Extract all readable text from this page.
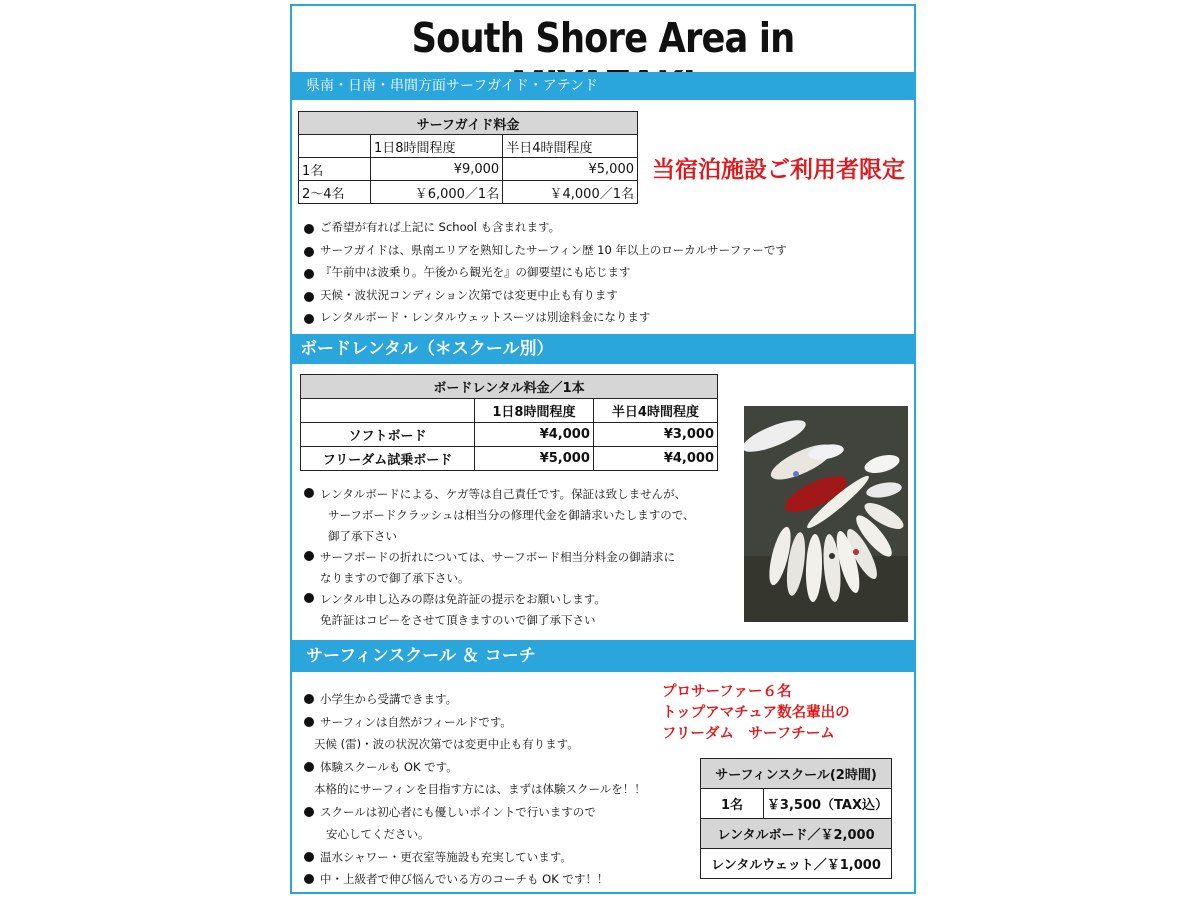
South Shore Area in
県南・日南・串間方面サーフガイド・アテンド
サーフガイド料金		
	1日8時間程度	半日4時間程度
1名	¥9,000	¥5,000
2～4名	￥6,000／1名	￥4,000／1名
当宿泊施設ご利用者限定
ご希望が有れば上記に School も含まれます。
サーフガイドは、県南エリアを熟知したサーフィン歴 10 年以上のローカルサーファーです
『午前中は波乗り。午後から観光を』の御要望にも応じます
天候・波状況コンディション次第では変更中止も有ります
レンタルボード・レンタルウェットスーツは別途料金になります
ボードレンタル（＊スクール別）
ボードレンタル料金／1本		
	1日8時間程度	半日4時間程度
ソフトボード	¥4,000	¥3,000
フリーダム試乗ボード	¥5,000	¥4,000
レンタルボードによる、ケガ等は自己責任です。保証は致しませんが、
サーフボードクラッシュは相当分の修理代金を御請求いたしますので、
御了承下さい
サーフボードの折れについては、サーフボード相当分料金の御請求に
なりますので御了承下さい。
レンタル申し込みの際は免許証の提示をお願いします。
免許証はコピーをさせて頂きますのいで御了承下さい
サーフィンスクール ＆ コーチ
プロサーファー６名
トップアマチュア数名輩出の
フリーダム　サーフチーム
小学生から受講できます。
サーフィンは自然がフィールドです。
天候 (雷)・波の状況次第では変更中止も有ります。
体験スクールも OK です。
本格的にサーフィンを目指す方には、まずは体験スクールを！！
スクールは初心者にも優しいポイントで行いますので
安心してください。
温水シャワー・更衣室等施設も充実しています。
中・上級者で伸び悩んでいる方のコーチも OK です！！
サーフィンスクール(2時間)
1名	￥3,500（TAX込）
レンタルボード／￥2,000
レンタルウェット／￥1,000
